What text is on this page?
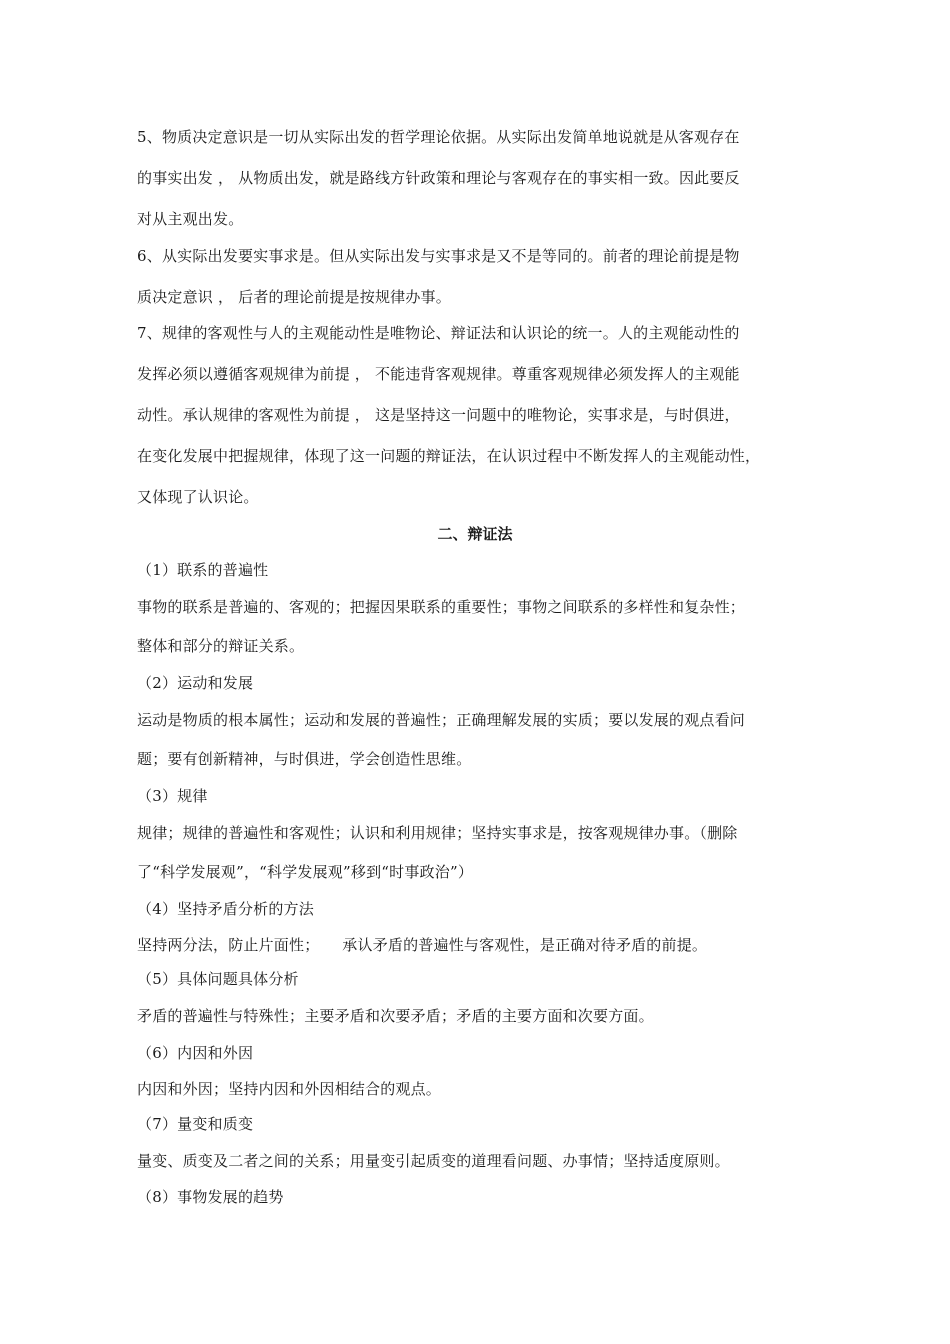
5、物质决定意识是一切从实际出发的哲学理论依据。从实际出发简单地说就是从客观存在
的事实出发 ， 从物质出发，就是路线方针政策和理论与客观存在的事实相一致。因此要反
对从主观出发。
6、从实际出发要实事求是。但从实际出发与实事求是又不是等同的。前者的理论前提是物
质决定意识 ， 后者的理论前提是按规律办事。
7、规律的客观性与人的主观能动性是唯物论、辩证法和认识论的统一。人的主观能动性的
发挥必须以遵循客观规律为前提 ， 不能违背客观规律。尊重客观规律必须发挥人的主观能
动性。承认规律的客观性为前提 ， 这是坚持这一问题中的唯物论，实事求是，与时俱进，
在变化发展中把握规律，体现了这一问题的辩证法，在认识过程中不断发挥人的主观能动性，
又体现了认识论。
二、辩证法
（1）联系的普遍性
事物的联系是普遍的、客观的；把握因果联系的重要性；事物之间联系的多样性和复杂性；
整体和部分的辩证关系。
（2）运动和发展
运动是物质的根本属性；运动和发展的普遍性；正确理解发展的实质；要以发展的观点看问
题；要有创新精神，与时俱进，学会创造性思维。
（3）规律
规律；规律的普遍性和客观性；认识和利用规律；坚持实事求是，按客观规律办事。（删除
了“科学发展观”，“科学发展观”移到“时事政治”）
（4）坚持矛盾分析的方法
坚持两分法，防止片面性；　　承认矛盾的普遍性与客观性，是正确对待矛盾的前提。
（5）具体问题具体分析
矛盾的普遍性与特殊性；主要矛盾和次要矛盾；矛盾的主要方面和次要方面。
（6）内因和外因
内因和外因；坚持内因和外因相结合的观点。
（7）量变和质变
量变、质变及二者之间的关系；用量变引起质变的道理看问题、办事情；坚持适度原则。
（8）事物发展的趋势
